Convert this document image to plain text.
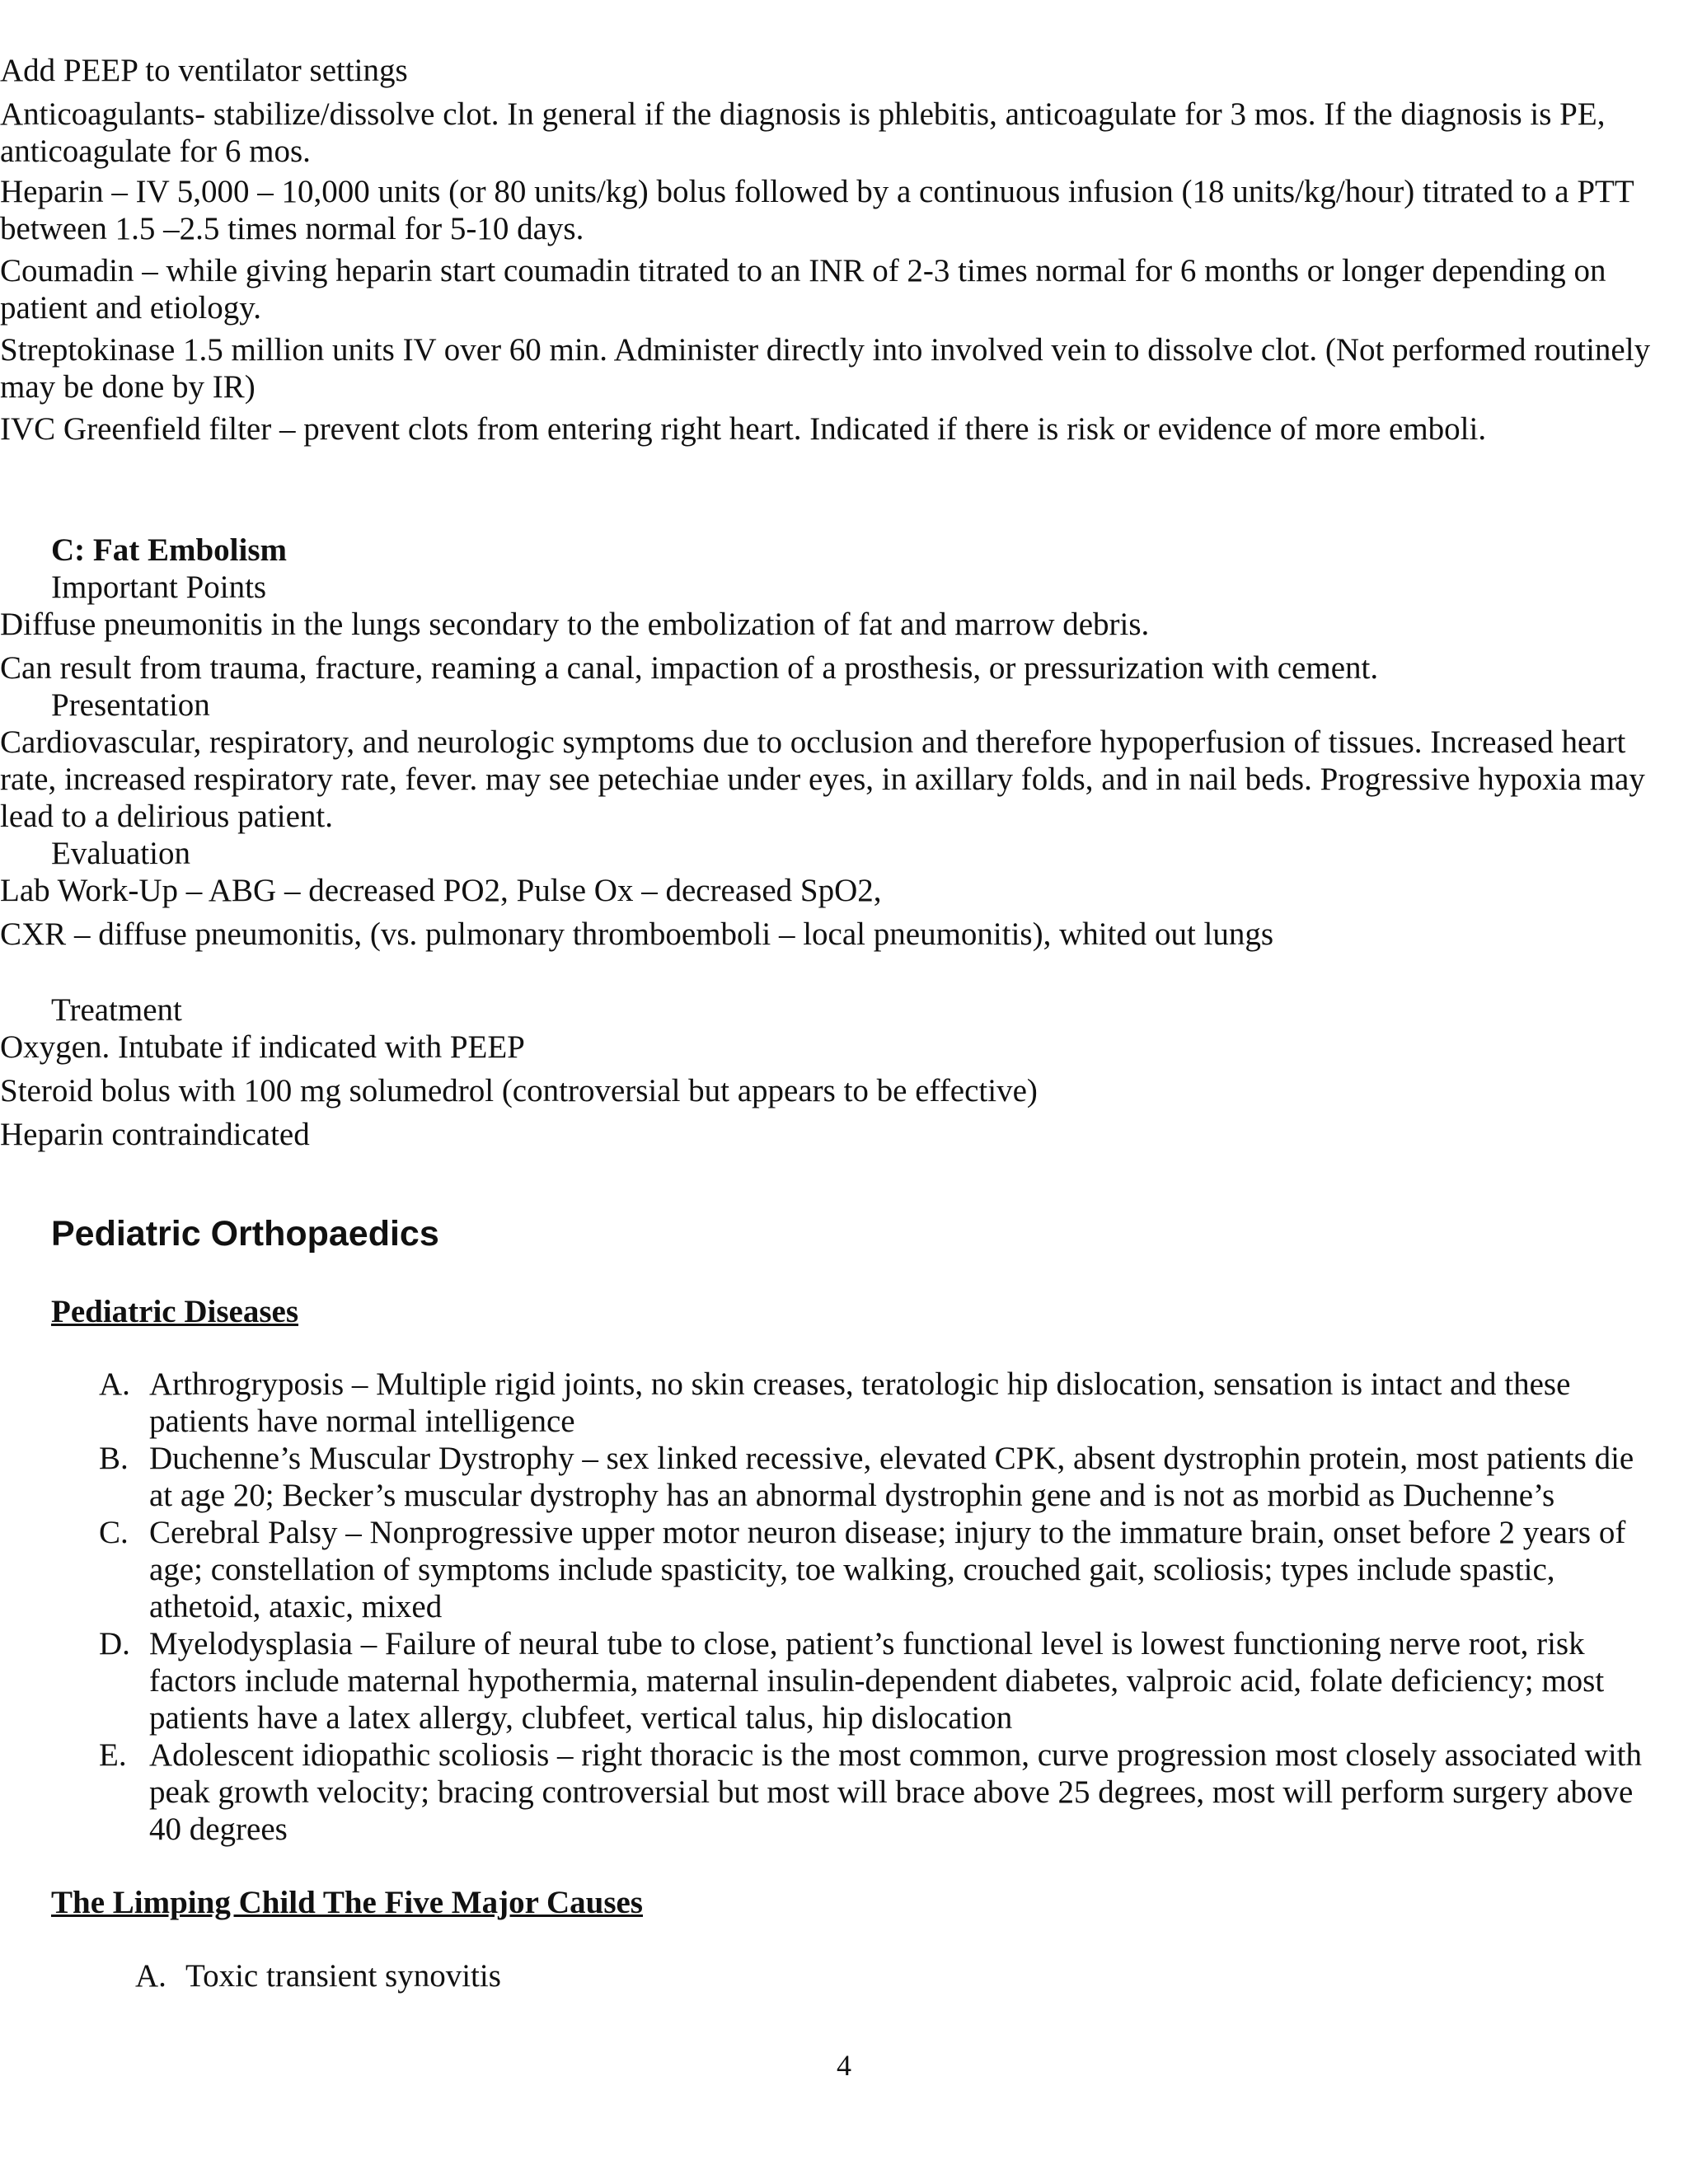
• Add PEEP to ventilator settings
• Anticoagulants- stabilize/dissolve clot. In general if the diagnosis is phlebitis, anticoagulate for 3 mos. If the diagnosis is PE, anticoagulate for 6 mos.
• Heparin – IV 5,000 – 10,000 units (or 80 units/kg) bolus followed by a continuous infusion (18 units/kg/hour) titrated to a PTT between 1.5 –2.5 times normal for 5-10 days.
• Coumadin – while giving heparin start coumadin titrated to an INR of 2-3 times normal for 6 months or longer depending on patient and etiology.
• Streptokinase 1.5 million units IV over 60 min. Administer directly into involved vein to dissolve clot. (Not performed routinely may be done by IR)
• IVC Greenfield filter – prevent clots from entering right heart. Indicated if there is risk or evidence of more emboli.
C: Fat Embolism
Important Points
• Diffuse pneumonitis in the lungs secondary to the embolization of fat and marrow debris.
• Can result from trauma, fracture, reaming a canal, impaction of a prosthesis, or pressurization with cement.
Presentation
• Cardiovascular, respiratory, and neurologic symptoms due to occlusion and therefore hypoperfusion of tissues. Increased heart rate, increased respiratory rate, fever. may see petechiae under eyes, in axillary folds, and in nail beds. Progressive hypoxia may lead to a delirious patient.
Evaluation
• Lab Work-Up – ABG – decreased PO2, Pulse Ox – decreased SpO2,
• CXR – diffuse pneumonitis, (vs. pulmonary thromboemboli – local pneumonitis), whited out lungs
Treatment
• Oxygen. Intubate if indicated with PEEP
• Steroid bolus with 100 mg solumedrol (controversial but appears to be effective)
• Heparin contraindicated
Pediatric Orthopaedics
Pediatric Diseases
A. Arthrogryposis – Multiple rigid joints, no skin creases, teratologic hip dislocation, sensation is intact and these patients have normal intelligence
B. Duchenne’s Muscular Dystrophy – sex linked recessive, elevated CPK, absent dystrophin protein, most patients die at age 20; Becker’s muscular dystrophy has an abnormal dystrophin gene and is not as morbid as Duchenne’s
C. Cerebral Palsy – Nonprogressive upper motor neuron disease; injury to the immature brain, onset before 2 years of age; constellation of symptoms include spasticity, toe walking, crouched gait, scoliosis; types include spastic, athetoid, ataxic, mixed
D. Myelodysplasia – Failure of neural tube to close, patient’s functional level is lowest functioning nerve root, risk factors include maternal hypothermia, maternal insulin-dependent diabetes, valproic acid, folate deficiency; most patients have a latex allergy, clubfeet, vertical talus, hip dislocation
E. Adolescent idiopathic scoliosis – right thoracic is the most common, curve progression most closely associated with peak growth velocity; bracing controversial but most will brace above 25 degrees, most will perform surgery above 40 degrees
The Limping Child The Five Major Causes
A. Toxic transient synovitis
4
